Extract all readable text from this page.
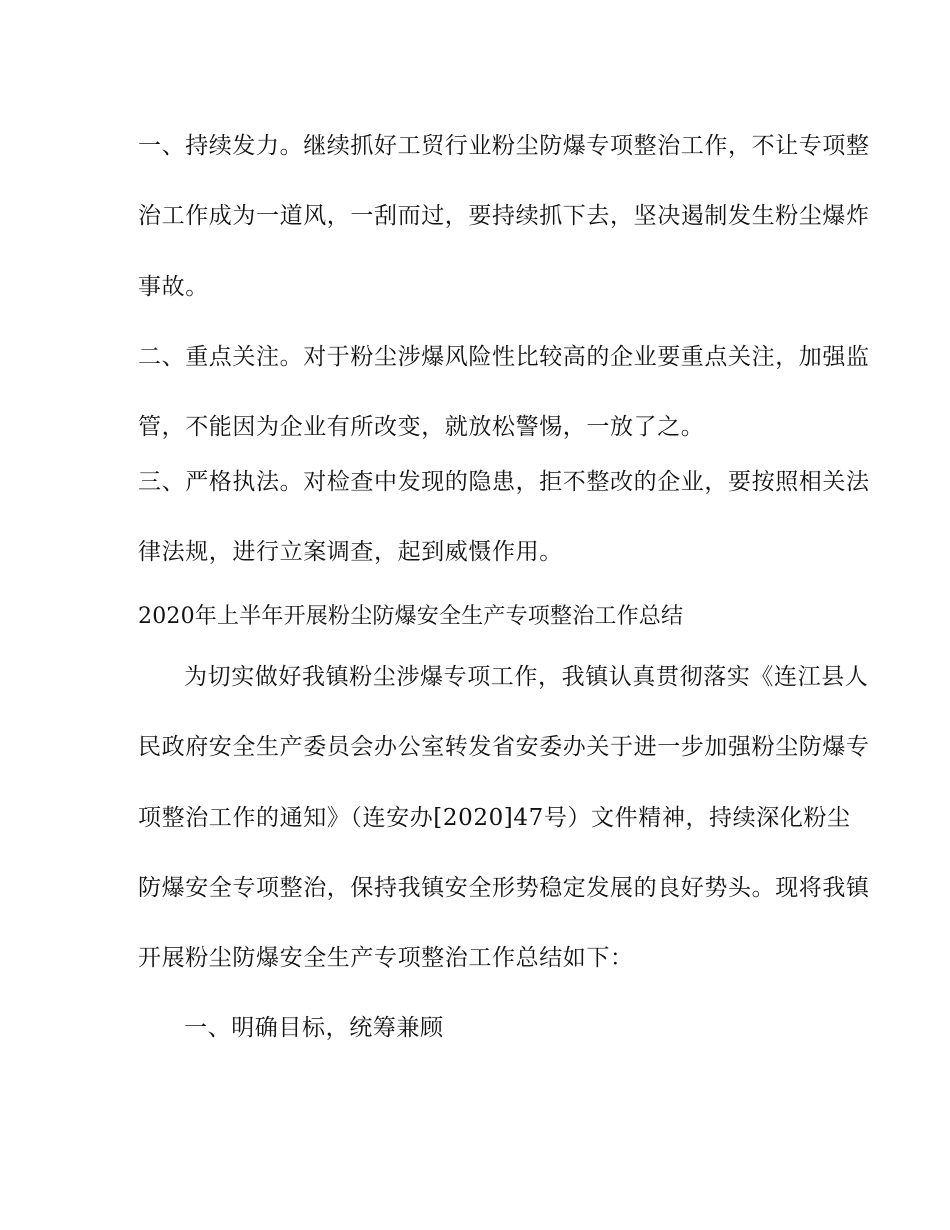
一、持续发力。继续抓好工贸行业粉尘防爆专项整治工作，不让专项整
治工作成为一道风，一刮而过，要持续抓下去，坚决遏制发生粉尘爆炸
事故。
二、重点关注。对于粉尘涉爆风险性比较高的企业要重点关注，加强监
管，不能因为企业有所改变，就放松警惕，一放了之。
三、严格执法。对检查中发现的隐患，拒不整改的企业，要按照相关法
律法规，进行立案调查，起到威慑作用。
2020年上半年开展粉尘防爆安全生产专项整治工作总结
为切实做好我镇粉尘涉爆专项工作，我镇认真贯彻落实《连江县人
民政府安全生产委员会办公室转发省安委办关于进一步加强粉尘防爆专
项整治工作的通知》（连安办[2020]47号）文件精神，持续深化粉尘
防爆安全专项整治，保持我镇安全形势稳定发展的良好势头。现将我镇
开展粉尘防爆安全生产专项整治工作总结如下：
一、明确目标，统筹兼顾
